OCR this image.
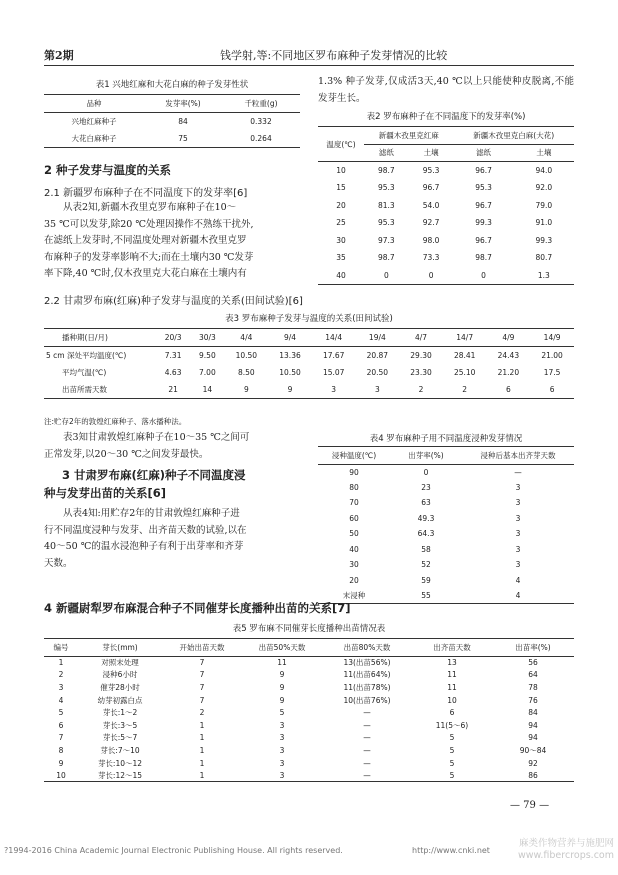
第2期	钱学射,等:不同地区罗布麻种子发芽情况的比较
表1 兴地红麻和大花白麻的种子发芽性状
品种	发芽率(%)	千粒重(g)
兴地红麻种子	84	0.332
大花白麻种子	75	0.264
1.3% 种子发芽,仅成活3天,40 ℃以上只能使种皮脱离,不能发芽生长。
表2 罗布麻种子在不同温度下的发芽率(%)
温度(℃)	新疆木孜里克红麻		新疆木孜里克白麻(大花)	
	滤纸	土壤	滤纸	土壤
10	98.7	95.3	96.7	94.0
15	95.3	96.7	95.3	92.0
20	81.3	54.0	96.7	79.0
25	95.3	92.7	99.3	91.0
30	97.3	98.0	96.7	99.3
35	98.7	73.3	98.7	80.7
40	0	0	0	1.3
2 种子发芽与温度的关系
2.1 新疆罗布麻种子在不同温度下的发芽率[6]
从表2知,新疆木孜里克罗布麻种子在10～
35 ℃可以发芽,除20 ℃处理因操作不熟练干扰外,
在滤纸上发芽时,不同温度处理对新疆木孜里克罗
布麻种子的发芽率影响不大;而在土壤内30 ℃发芽
率下降,40 ℃时,仅木孜里克大花白麻在土壤内有
2.2 甘肃罗布麻(红麻)种子发芽与温度的关系(田间试验)[6]
表3 罗布麻种子发芽与温度的关系(田间试验)
播种期(日/月)	20/3	30/3	4/4	9/4	14/4	19/4	4/7	14/7	4/9	14/9
5 cm 深处平均温度(℃)	7.31	9.50	10.50	13.36	17.67	20.87	29.30	28.41	24.43	21.00
平均气温(℃)	4.63	7.00	8.50	10.50	15.07	20.50	23.30	25.10	21.20	17.5
出苗所需天数	21	14	9	9	3	3	2	2	6	6
注:贮存2年的敦煌红麻种子、落水播种法。
表3知甘肃敦煌红麻种子在10～35 ℃之间可
正常发芽,以20～30 ℃之间发芽最快。
3 甘肃罗布麻(红麻)种子不同温度浸
种与发芽出苗的关系[6]
从表4知:用贮存2年的甘肃敦煌红麻种子进
行不同温度浸种与发芽、出齐苗天数的试验,以在
40～50 ℃的温水浸泡种子有利于出芽率和齐芽
天数。
表4 罗布麻种子用不同温度浸种发芽情况
浸种温度(℃)	出芽率(%)	浸种后基本出齐芽天数
90	0	—
80	23	3
70	63	3
60	49.3	3
50	64.3	3
40	58	3
30	52	3
20	59	4
末浸种	55	4
4 新疆尉犁罗布麻混合种子不同催芽长度播种出苗的关系[7]
表5 罗布麻不同催芽长度播种出苗情况表
编号	芽长(mm)	开始出苗天数	出苗50%天数	出苗80%天数	出齐苗天数	出苗率(%)
1	对照末处理	7	11	13(出苗56%)	13	56
2	浸种6小时	7	9	11(出苗64%)	11	64
3	催芽28小时	7	9	11(出苗78%)	11	78
4	幼芽初露白点	7	9	10(出苗76%)	10	76
5	芽长:1～2	2	5	—	6	84
6	芽长:3～5	1	3	—	11(5～6)	94
7	芽长:5～7	1	3	—	5	94
8	芽长:7～10	1	3	—	5	90～84
9	芽长:10～12	1	3	—	5	92
10	芽长:12～15	1	3	—	5	86
— 79 —
?1994-2016 China Academic Journal Electronic Publishing House. All rights reserved.	http://www.cnki.net
麻类作物营养与施肥网 www.fibercrops.com
